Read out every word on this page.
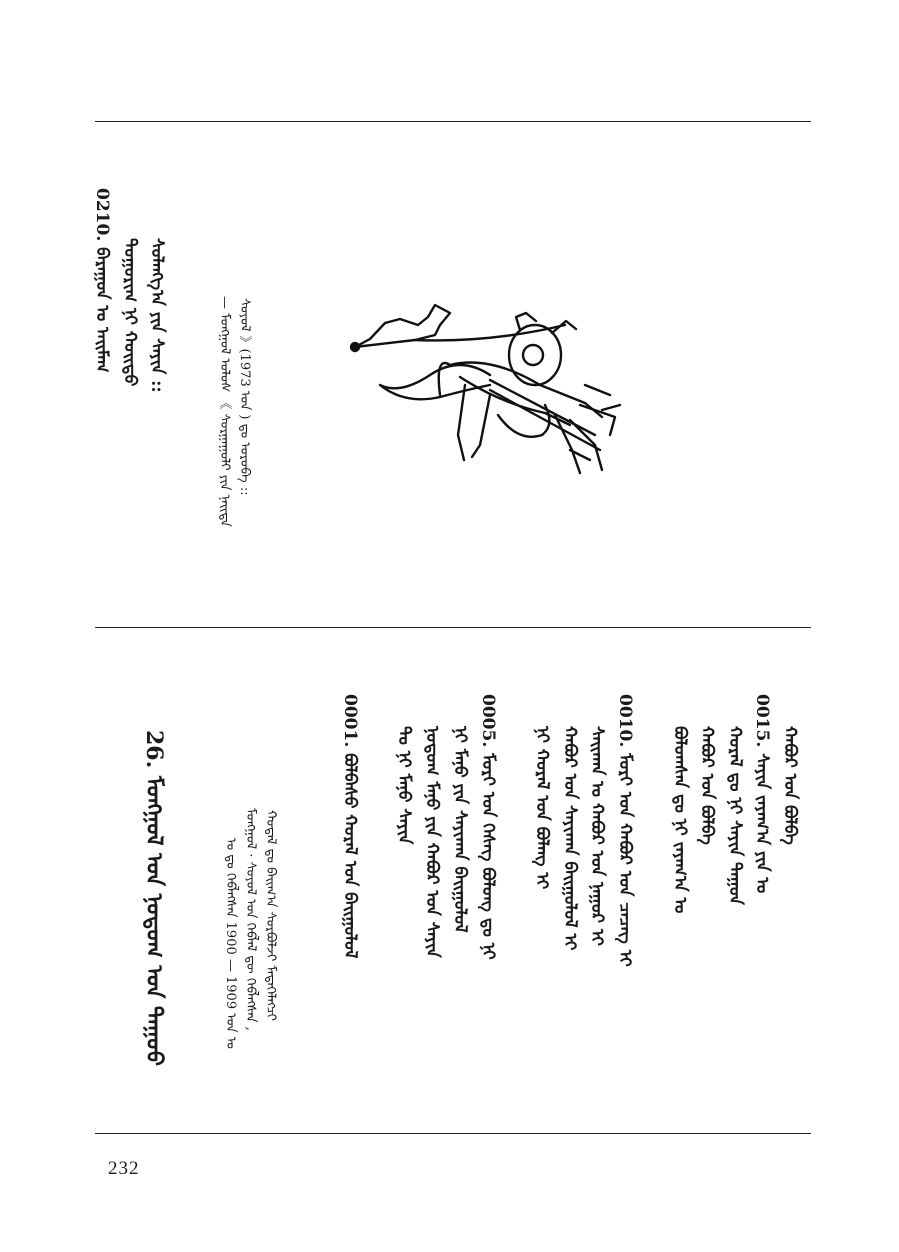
0210. ᠪᠠᠷᠠᠭᠤᠨ ᠤ ᠠᠢᠮᠠᠭ ᠲᠣᠭᠣᠷᠢᠭ ᠨᠢ ᠬᠣᠢᠲᠤ ᠰᠣᠯᠠᠩᠭ᠎ᠠ ᠶᠢᠨ ᠰᠠᠶᠢᠨ ::	ᠰᠣᠶᠣᠯ 》(1973 ᠣᠨ ) ᠳᠤ ᠣᠷᠣᠪᠠ ::
— ᠮᠣᠩᠭᠣᠯ ᠤᠯᠤᠰ 《 ᠰᠤᠷᠭᠠᠭᠤᠯᠢ ᠶᠢᠨ ᠨᠡᠢᠲᠡ
26. ᠮᠣᠩᠭᠣᠯ ᠤᠨ ᠨᠤᠲᠤᠭ ᠤᠨ ᠳᠠᠭᠤᠤ	ᠬᠤᠳᠠᠯ ᠳᠤ ᠪᠠᠢᠭ᠎ᠠ ᠰᠤᠷᠪᠤᠯᠵᠢ ᠮᠡᠳᠡᠭᠡᠯᠡᠭᠴᠢ
ᠮᠣᠩᠭᠣᠯ · ᠰᠣᠶᠣᠯ ᠤᠨ ᠬᠡᠪᠯᠡᠯ ᠳᠦ ᠬᠡᠪᠯᠡᠭᠰᠡᠨ ,
ᠤ ᠳᠤ ᠬᠡᠪᠯᠡᠭᠰᠡᠨ 1900 — 1909 ᠣᠨ ᠤ
ᠬᠠᠪᠤᠷ ᠤᠨ ᠪᠣᠯᠪᠠ
0015. ᠰᠠᠶᠢᠨ ᠵᠠᠶᠠᠭ᠎ᠠ ᠶᠢᠨ ᠤ
ᠬᠤᠷᠠᠯ ᠳᠤ ᠨᠢ ᠰᠠᠶᠢᠨ ᠳᠠᠭᠤᠨ
ᠬᠠᠪᠤᠷ ᠤᠨ ᠪᠣᠯᠪᠠ
ᠪᠣᠯᠣᠭᠰᠠᠨ ᠳᠤ ᠨᠢ ᠵᠠᠶᠠᠭ᠎ᠠ ᠤ
0010. ᠮᠣᠷᠢ ᠤᠨ ᠬᠠᠪᠤᠷ ᠤᠨ ᠴᠡᠴᠡᠭ ᠢ
ᠰᠠᠢᠬᠠᠨ ᠤ ᠬᠠᠪᠤᠷ ᠤᠨ ᠨᠠᠭᠤᠷ ᠢ
ᠬᠠᠪᠤᠷ ᠤᠨ ᠰᠠᠶᠢᠬᠠᠨ ᠪᠠᠢᠭᠤᠯᠤᠯ ᠢ
ᠨᠢ ᠬᠤᠷᠠᠯ ᠤᠨ ᠪᠤᠯᠠᠩ ᠢ
0005. ᠮᠣᠷᠢ ᠤᠨ ᠬᠡᠰᠡᠭ ᠪᠤᠯᠤᠩ ᠳᠤ ᠨᠢ
ᠨᠢ ᠮᠠᠨᠤ ᠶᠢᠨ ᠰᠠᠶᠢᠬᠠᠨ ᠪᠠᠢᠭᠤᠯᠤᠯ
ᠨᠤᠲᠤᠭ ᠮᠠᠨᠤ ᠶᠢᠨ ᠬᠠᠪᠤᠷ ᠤᠨ ᠰᠠᠶᠢᠨ
ᠲᠤ ᠨᠢ ᠮᠠᠨᠤ ᠰᠠᠶᠢᠨ
0001. ᠪᠣᠯᠪᠠᠰᠤ ᠬᠤᠷᠠᠯ ᠤᠨ ᠪᠠᠢᠭᠤᠯᠤᠯ
232
